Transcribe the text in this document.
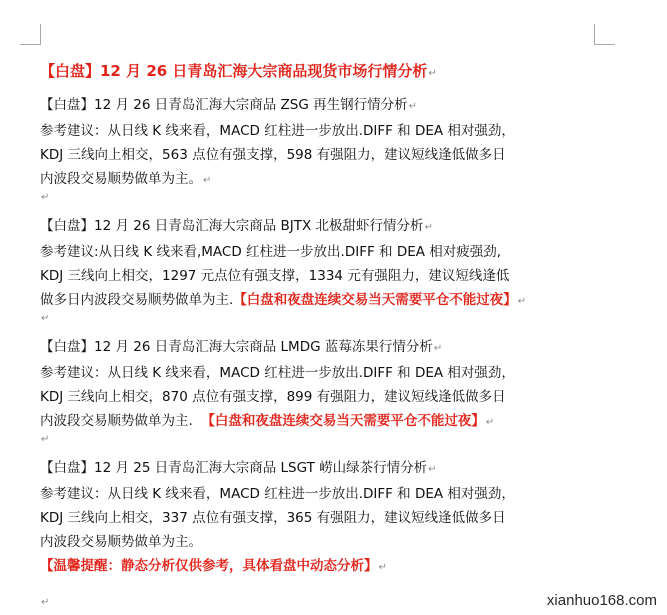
【白盘】12 月 26 日青岛汇海大宗商品现货市场行情分析↵
【白盘】12 月 26 日青岛汇海大宗商品 ZSG 再生钢行情分析↵
参考建议：从日线 K 线来看，MACD 红柱进一步放出.DIFF 和 DEA 相对强劲，
KDJ 三线向上相交，563 点位有强支撑，598 有强阻力，建议短线逢低做多日
内波段交易顺势做单为主。↵
↵
【白盘】12 月 26 日青岛汇海大宗商品 BJTX 北极甜虾行情分析↵
参考建议:从日线 K 线来看,MACD 红柱进一步放出.DIFF 和 DEA 相对疲强劲,
KDJ 三线向上相交，1297 元点位有强支撑，1334 元有强阻力，建议短线逢低
做多日内波段交易顺势做单为主.【白盘和夜盘连续交易当天需要平仓不能过夜】↵
↵
【白盘】12 月 26 日青岛汇海大宗商品 LMDG 蓝莓冻果行情分析↵
参考建议：从日线 K 线来看，MACD 红柱进一步放出.DIFF 和 DEA 相对强劲，
KDJ 三线向上相交，870 点位有强支撑，899 有强阻力，建议短线逢低做多日
内波段交易顺势做单为主. 【白盘和夜盘连续交易当天需要平仓不能过夜】↵
↵
【白盘】12 月 25 日青岛汇海大宗商品 LSGT 崂山绿茶行情分析↵
参考建议：从日线 K 线来看，MACD 红柱进一步放出.DIFF 和 DEA 相对强劲，
KDJ 三线向上相交，337 点位有强支撑，365 有强阻力，建议短线逢低做多日
内波段交易顺势做单为主。
【温馨提醒：静态分析仅供参考，具体看盘中动态分析】↵
↵	xianhuo168.com
